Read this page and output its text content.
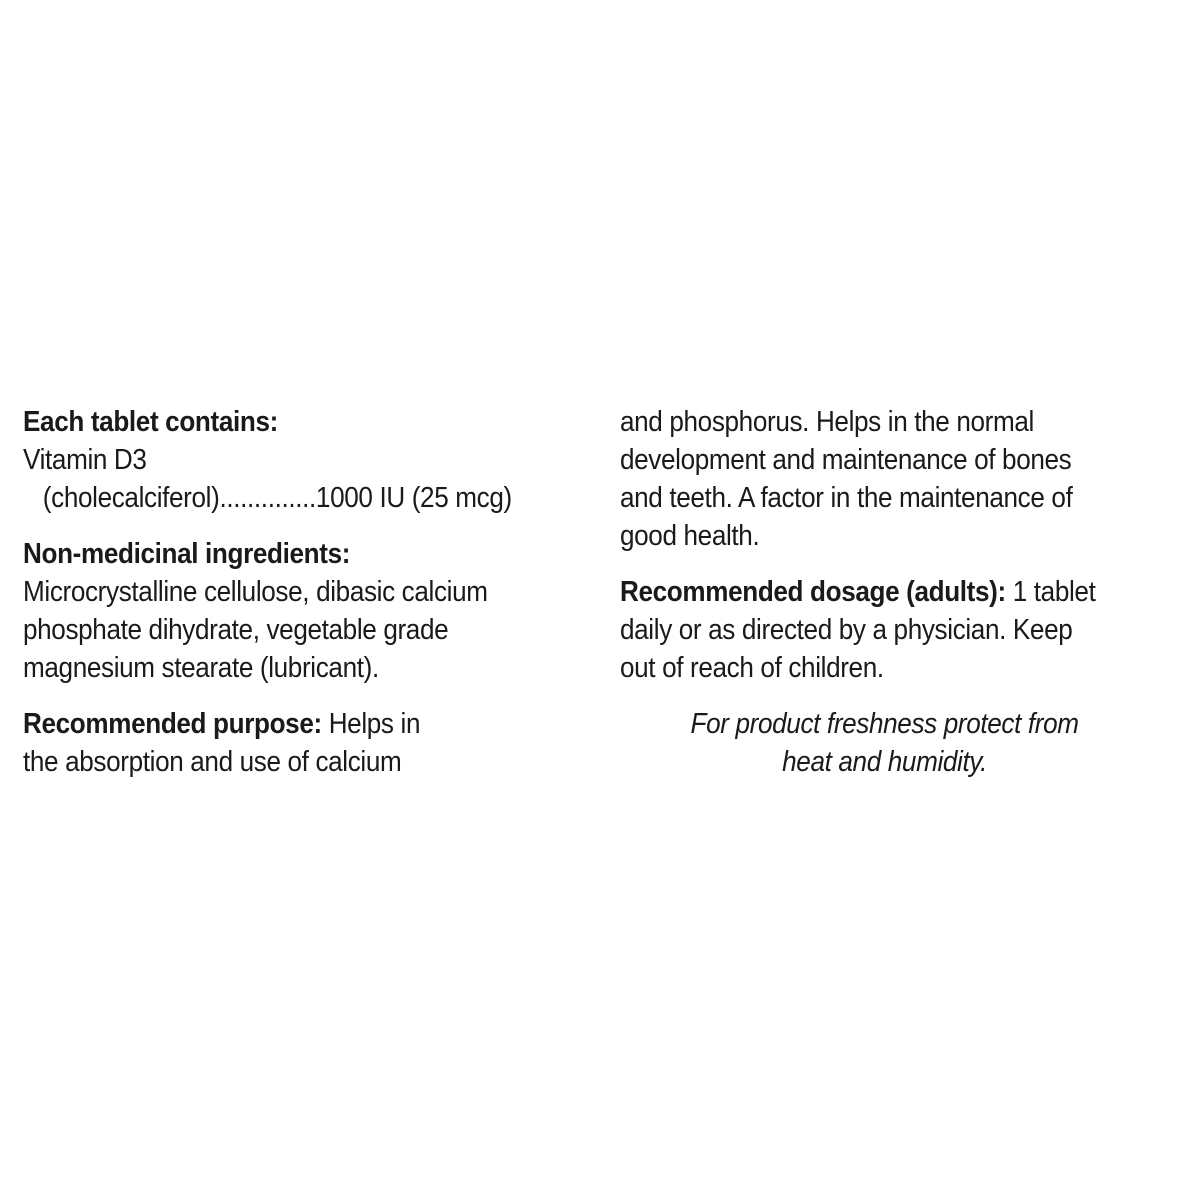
Each tablet contains:
Vitamin D3
(cholecalciferol)..............1000 IU (25 mcg)
Non-medicinal ingredients:
Microcrystalline cellulose, dibasic calcium
phosphate dihydrate, vegetable grade
magnesium stearate (lubricant).
Recommended purpose: Helps in
the absorption and use of calcium
and phosphorus. Helps in the normal
development and maintenance of bones
and teeth. A factor in the maintenance of
good health.
Recommended dosage (adults): 1 tablet
daily or as directed by a physician. Keep
out of reach of children.
For product freshness protect from
heat and humidity.
